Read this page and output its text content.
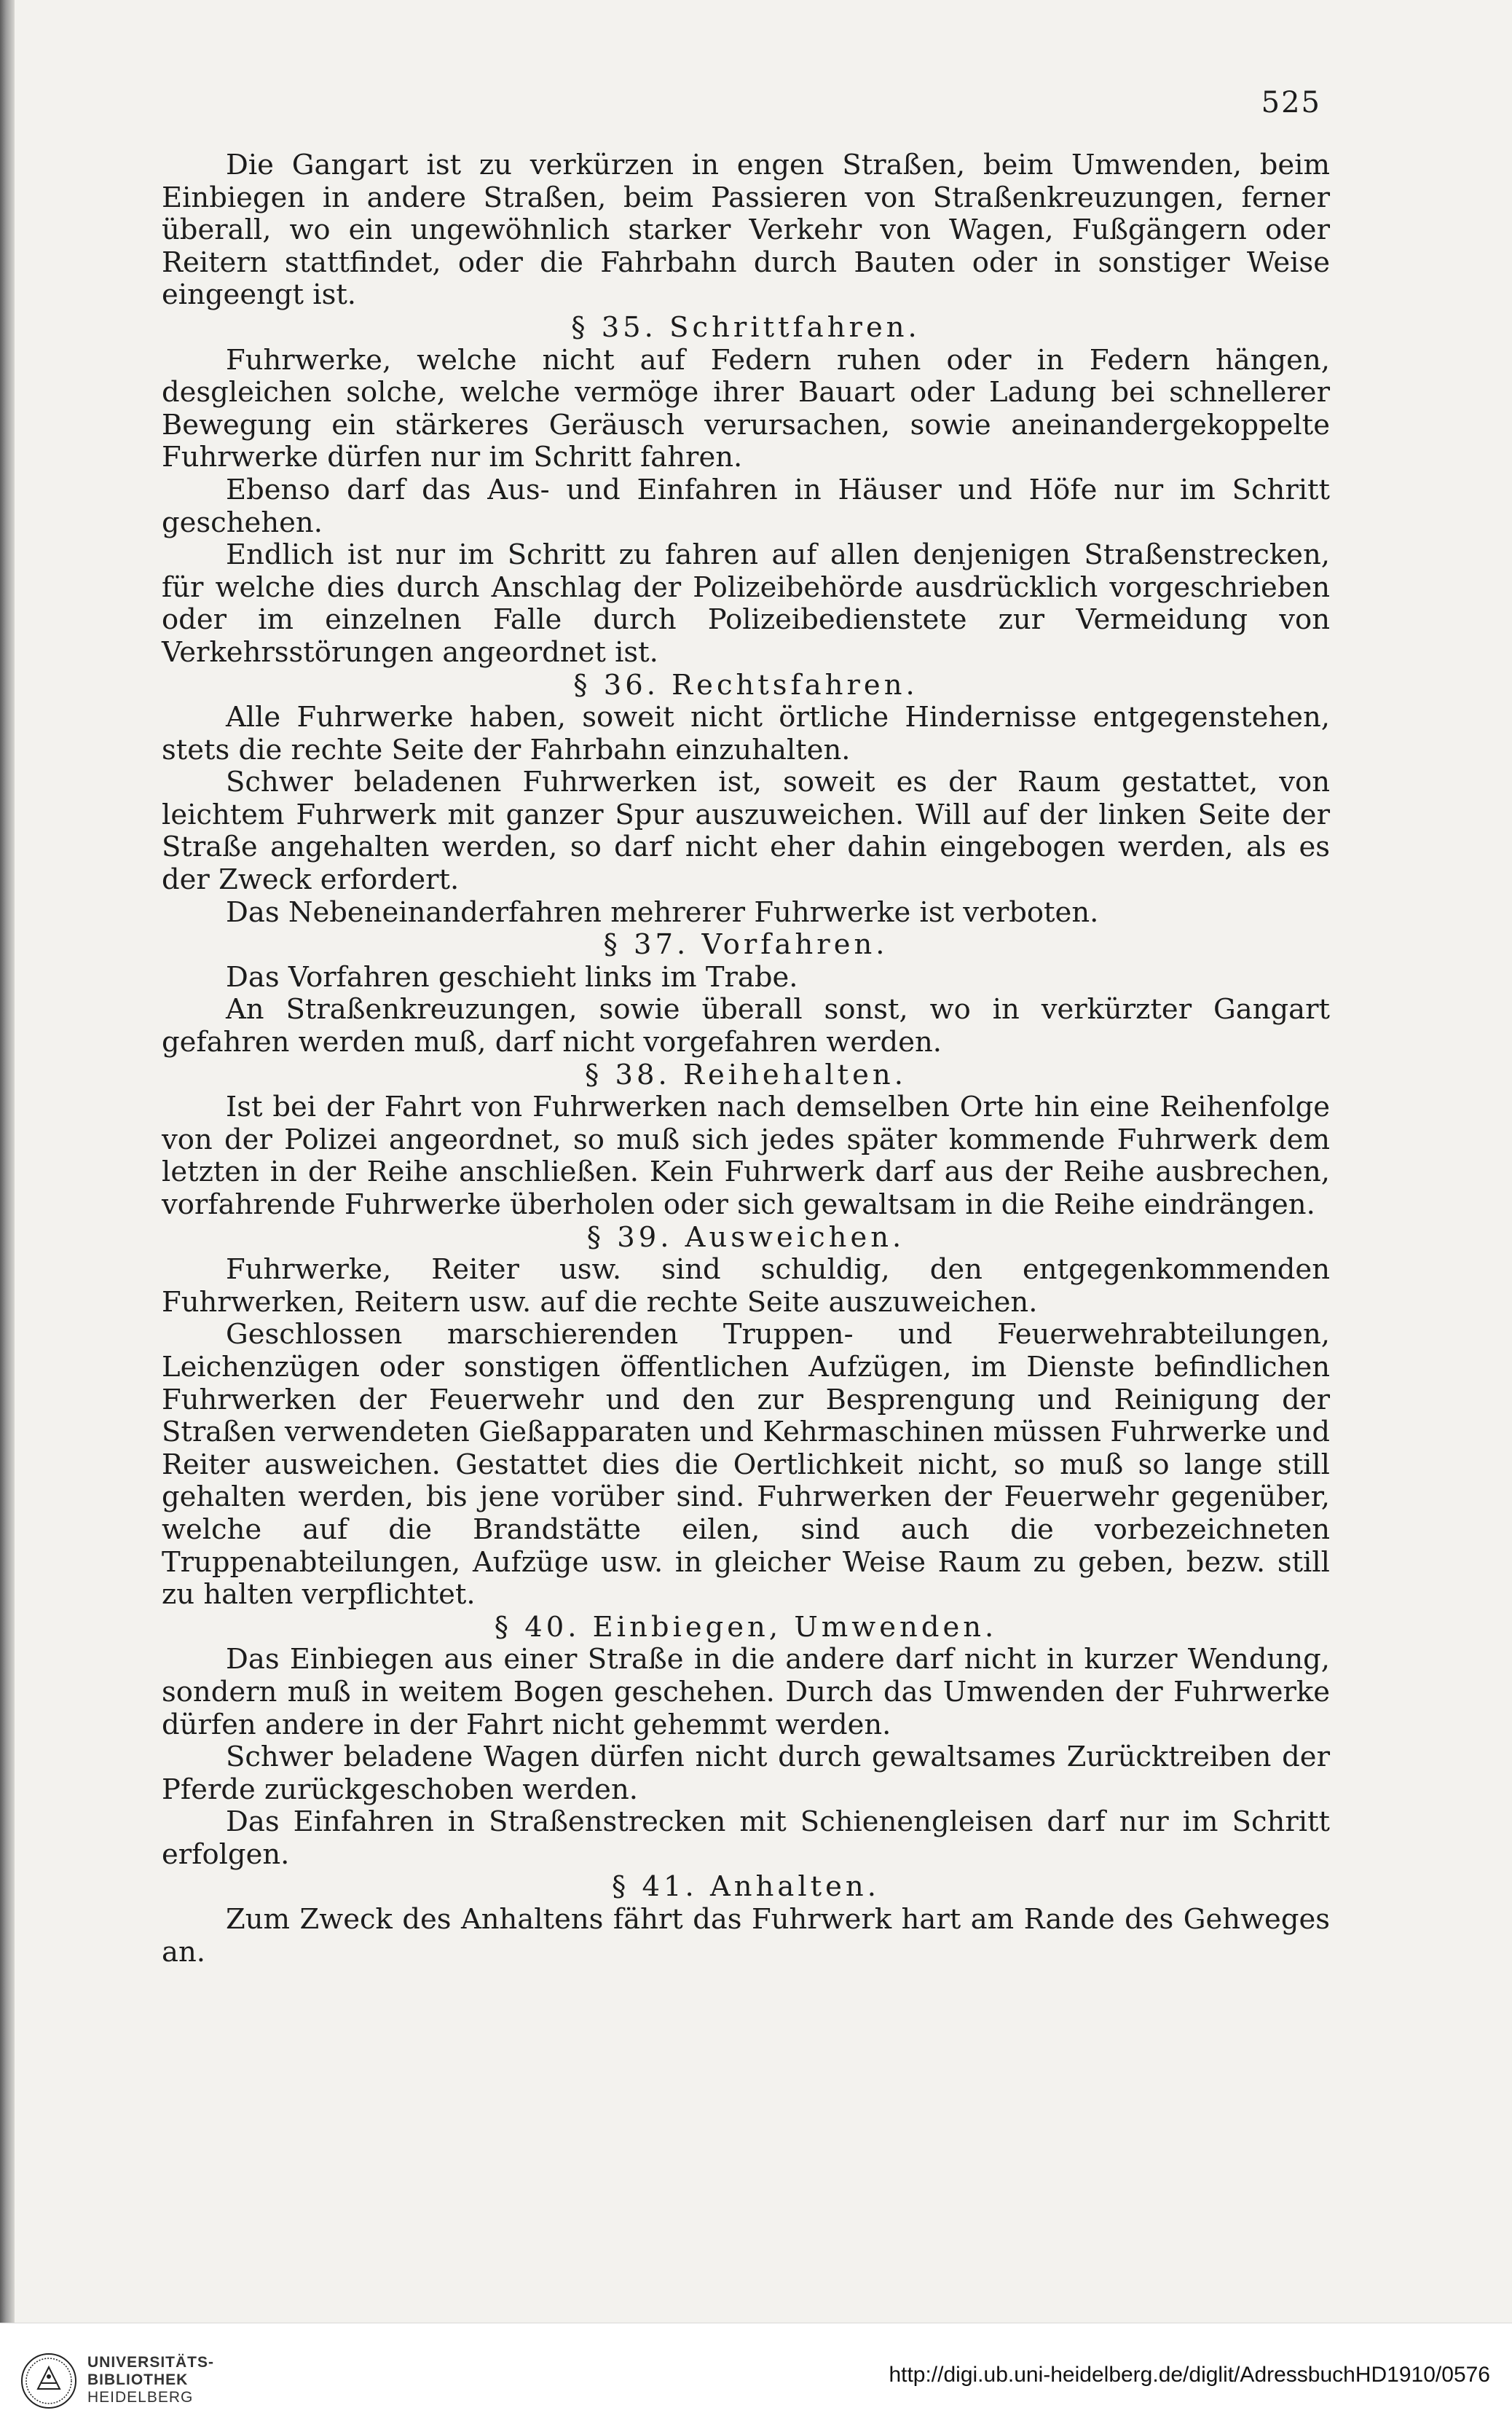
525

Die Gangart ist zu verkürzen in engen Straßen, beim Umwenden, beim Einbiegen in andere Straßen, beim Passieren von Straßenkreuzungen, ferner überall, wo ein ungewöhnlich starker Verkehr von Wagen, Fußgängern oder Reitern stattfindet, oder die Fahrbahn durch Bauten oder in sonstiger Weise eingeengt ist.

§ 35. Schrittfahren.

Fuhrwerke, welche nicht auf Federn ruhen oder in Federn hängen, desgleichen solche, welche vermöge ihrer Bauart oder Ladung bei schnellerer Bewegung ein stärkeres Geräusch verursachen, sowie aneinandergekoppelte Fuhrwerke dürfen nur im Schritt fahren.

Ebenso darf das Aus- und Einfahren in Häuser und Höfe nur im Schritt geschehen.

Endlich ist nur im Schritt zu fahren auf allen denjenigen Straßenstrecken, für welche dies durch Anschlag der Polizeibehörde ausdrücklich vorgeschrieben oder im einzelnen Falle durch Polizeibedienstete zur Vermeidung von Verkehrsstörungen angeordnet ist.

§ 36. Rechtsfahren.

Alle Fuhrwerke haben, soweit nicht örtliche Hindernisse entgegenstehen, stets die rechte Seite der Fahrbahn einzuhalten.

Schwer beladenen Fuhrwerken ist, soweit es der Raum gestattet, von leichtem Fuhrwerk mit ganzer Spur auszuweichen. Will auf der linken Seite der Straße angehalten werden, so darf nicht eher dahin eingebogen werden, als es der Zweck erfordert.

Das Nebeneinanderfahren mehrerer Fuhrwerke ist verboten.

§ 37. Vorfahren.

Das Vorfahren geschieht links im Trabe.

An Straßenkreuzungen, sowie überall sonst, wo in verkürzter Gangart gefahren werden muß, darf nicht vorgefahren werden.

§ 38. Reihehalten.

Ist bei der Fahrt von Fuhrwerken nach demselben Orte hin eine Reihenfolge von der Polizei angeordnet, so muß sich jedes später kommende Fuhrwerk dem letzten in der Reihe anschließen. Kein Fuhrwerk darf aus der Reihe ausbrechen, vorfahrende Fuhrwerke überholen oder sich gewaltsam in die Reihe eindrängen.

§ 39. Ausweichen.

Fuhrwerke, Reiter usw. sind schuldig, den entgegenkommenden Fuhrwerken, Reitern usw. auf die rechte Seite auszuweichen.

Geschlossen marschierenden Truppen- und Feuerwehrabteilungen, Leichenzügen oder sonstigen öffentlichen Aufzügen, im Dienste befindlichen Fuhrwerken der Feuerwehr und den zur Besprengung und Reinigung der Straßen verwendeten Gießapparaten und Kehrmaschinen müssen Fuhrwerke und Reiter ausweichen. Gestattet dies die Oertlichkeit nicht, so muß so lange still gehalten werden, bis jene vorüber sind. Fuhrwerken der Feuerwehr gegenüber, welche auf die Brandstätte eilen, sind auch die vorbezeichneten Truppenabteilungen, Aufzüge usw. in gleicher Weise Raum zu geben, bezw. still zu halten verpflichtet.

§ 40. Einbiegen, Umwenden.

Das Einbiegen aus einer Straße in die andere darf nicht in kurzer Wendung, sondern muß in weitem Bogen geschehen. Durch das Umwenden der Fuhrwerke dürfen andere in der Fahrt nicht gehemmt werden.

Schwer beladene Wagen dürfen nicht durch gewaltsames Zurücktreiben der Pferde zurückgeschoben werden.

Das Einfahren in Straßenstrecken mit Schienengleisen darf nur im Schritt erfolgen.

§ 41. Anhalten.

Zum Zweck des Anhaltens fährt das Fuhrwerk hart am Rande des Gehweges an.

UNIVERSITÄTS-
BIBLIOTHEK
HEIDELBERG
http://digi.ub.uni-heidelberg.de/diglit/AdressbuchHD1910/0576
